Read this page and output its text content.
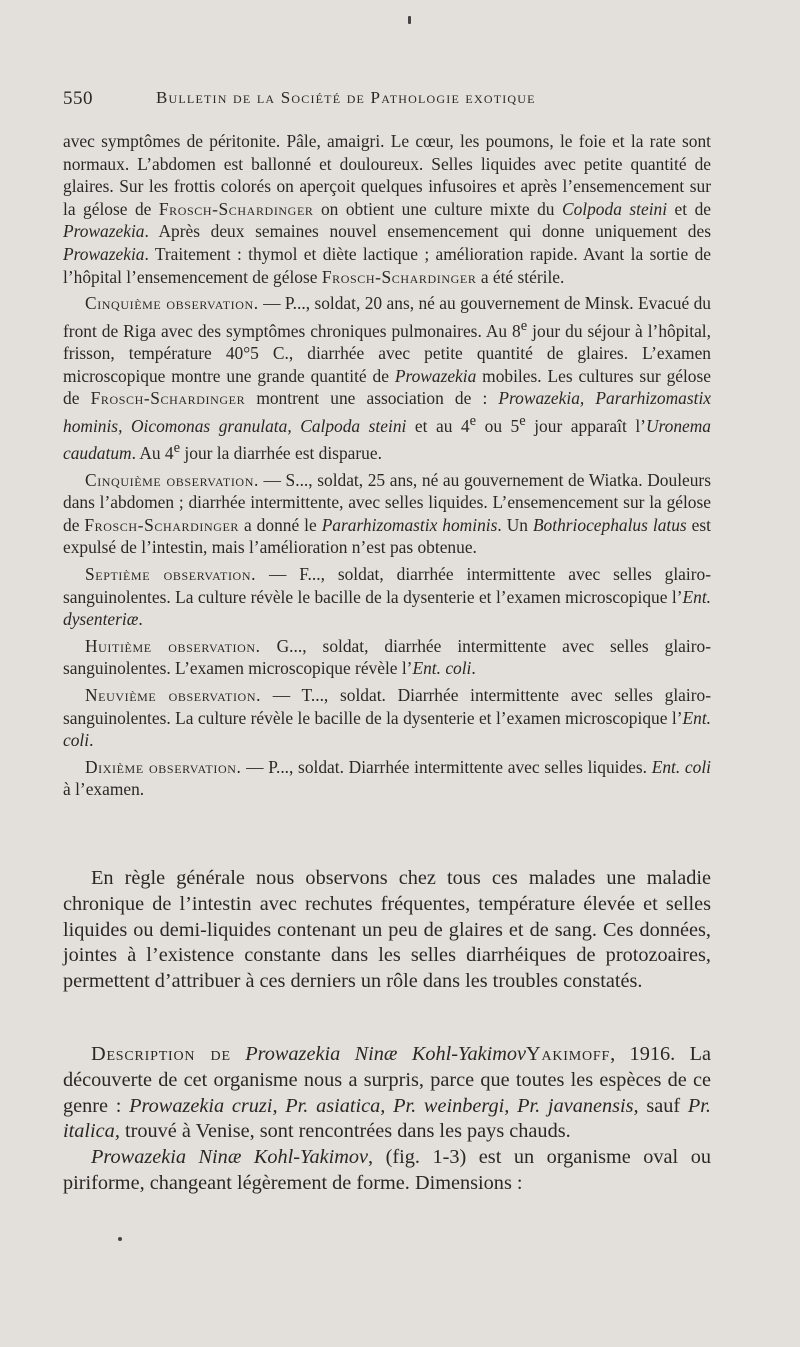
550	Bulletin de la Société de Pathologie exotique

avec symptômes de péritonite. Pâle, amaigri. Le cœur, les poumons, le foie et la rate sont normaux. L’abdomen est ballonné et douloureux. Selles liquides avec petite quantité de glaires. Sur les frottis colorés on aperçoit quelques infusoires et après l’ensemencement sur la gélose de Frosch-Schardinger on obtient une culture mixte du Colpoda steini et de Prowazekia. Après deux semaines nouvel ensemencement qui donne uniquement des Prowazekia. Traitement : thymol et diète lactique ; amélioration rapide. Avant la sortie de l’hôpital l’ensemencement de gélose Frosch-Schardinger a été stérile.

Cinquième observation. — P..., soldat, 20 ans, né au gouvernement de Minsk. Evacué du front de Riga avec des symptômes chroniques pulmonaires. Au 8e jour du séjour à l’hôpital, frisson, température 40°5 C., diarrhée avec petite quantité de glaires. L’examen microscopique montre une grande quantité de Prowazekia mobiles. Les cultures sur gélose de Frosch-Schardinger montrent une association de : Prowazekia, Pararhizomastix hominis, Oicomonas granulata, Calpoda steini et au 4e ou 5e jour apparaît l’Uronema caudatum. Au 4e jour la diarrhée est disparue.

Cinquième observation. — S..., soldat, 25 ans, né au gouvernement de Wiatka. Douleurs dans l’abdomen ; diarrhée intermittente, avec selles liquides. L’ensemencement sur la gélose de Frosch-Schardinger a donné le Pararhizomastix hominis. Un Bothriocephalus latus est expulsé de l’intestin, mais l’amélioration n’est pas obtenue.

Septième observation. — F..., soldat, diarrhée intermittente avec selles glairo-sanguinolentes. La culture révèle le bacille de la dysenterie et l’examen microscopique l’Ent. dysenteriæ.

Huitième observation. G..., soldat, diarrhée intermittente avec selles glairo-sanguinolentes. L’examen microscopique révèle l’Ent. coli.

Neuvième observation. — T..., soldat. Diarrhée intermittente avec selles glairo-sanguinolentes. La culture révèle le bacille de la dysenterie et l’examen microscopique l’Ent. coli.

Dixième observation. — P..., soldat. Diarrhée intermittente avec selles liquides. Ent. coli à l’examen.

En règle générale nous observons chez tous ces malades une maladie chronique de l’intestin avec rechutes fréquentes, température élevée et selles liquides ou demi-liquides contenant un peu de glaires et de sang. Ces données, jointes à l’existence constante dans les selles diarrhéiques de protozoaires, permettent d’attribuer à ces derniers un rôle dans les troubles constatés.

Description de Prowazekia Ninæ Kohl-YakimovYakimoff, 1916. La découverte de cet organisme nous a surpris, parce que toutes les espèces de ce genre : Prowazekia cruzi, Pr. asiatica, Pr. weinbergi, Pr. javanensis, sauf Pr. italica, trouvé à Venise, sont rencontrées dans les pays chauds.

Prowazekia Ninæ Kohl-Yakimov, (fig. 1-3) est un organisme oval ou piriforme, changeant légèrement de forme. Dimensions :
